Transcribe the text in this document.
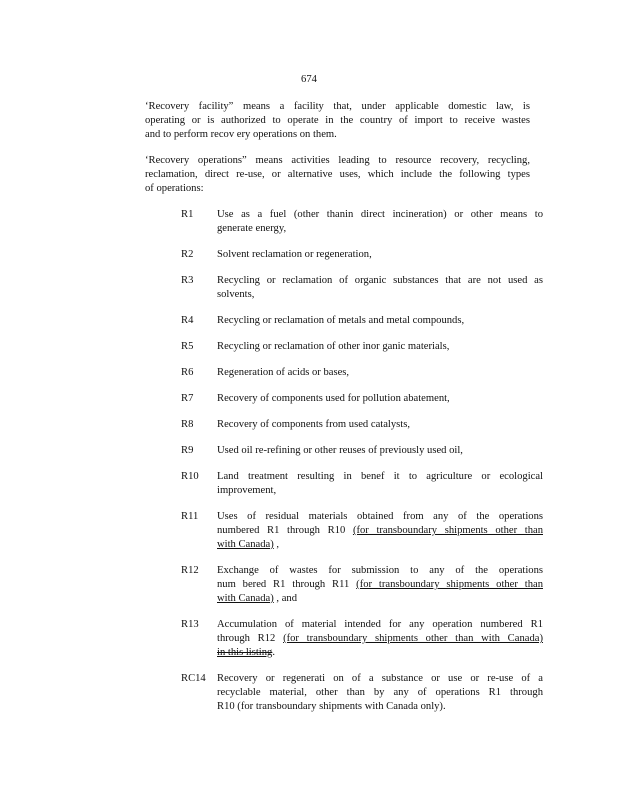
674
‘Recovery facility” means a facility that, under applicable domestic law, is
operating or is authorized to operate in the country of import to receive wastes
and to perform recov ery operations on them.
‘Recovery operations” means activities leading to resource recovery, recycling,
reclamation, direct re-use, or alternative uses, which include the following types
of operations:
R1 Use as a fuel (other thanin direct incineration) or other means to
generate energy,
R2 Solvent reclamation or regeneration,
R3 Recycling or reclamation of organic substances that are not used as
solvents,
R4 Recycling or reclamation of metals and metal compounds,
R5 Recycling or reclamation of other inor ganic materials,
R6 Regeneration of acids or bases,
R7 Recovery of components used for pollution abatement,
R8 Recovery of components from used catalysts,
R9 Used oil re-refining or other reuses of previously used oil,
R10 Land treatment resulting in benef it to agriculture or ecological
improvement,
R11 Uses of residual materials obtained from any of the operations
numbered R1 through R10 (for transboundary shipments other than
with Canada) ,
R12 Exchange of wastes for submission to any of the operations
num bered R1 through R11 (for transboundary shipments other than
with Canada) , and
R13 Accumulation of material intended for any operation numbered R1
through R12 (for transboundary shipments other than with Canada)
in this listing.
RC14 Recovery or regenerati on of a substance or use or re-use of a
recyclable material, other than by any of operations R1 through
R10 (for transboundary shipments with Canada only).
